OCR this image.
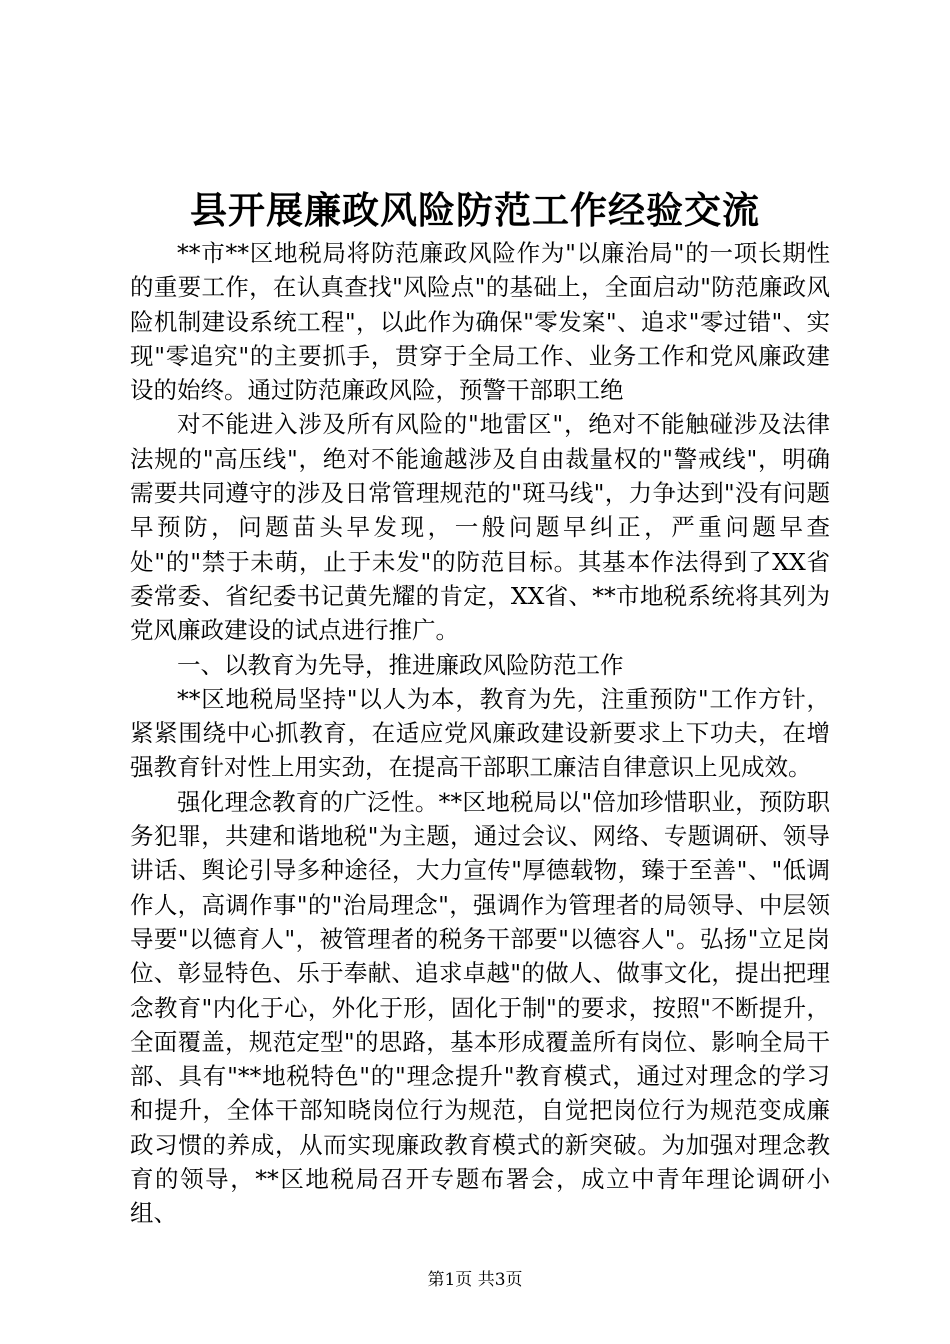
县开展廉政风险防范工作经验交流

**市**区地税局将防范廉政风险作为"以廉治局"的一项长期性的重要工作，在认真查找"风险点"的基础上，全面启动"防范廉政风险机制建设系统工程"，以此作为确保"零发案"、追求"零过错"、实现"零追究"的主要抓手，贯穿于全局工作、业务工作和党风廉政建设的始终。通过防范廉政风险，预警干部职工绝

对不能进入涉及所有风险的"地雷区"，绝对不能触碰涉及法律法规的"高压线"，绝对不能逾越涉及自由裁量权的"警戒线"，明确需要共同遵守的涉及日常管理规范的"斑马线"，力争达到"没有问题早预防，问题苗头早发现，一般问题早纠正，严重问题早查处"的"禁于未萌，止于未发"的防范目标。其基本作法得到了XX省委常委、省纪委书记黄先耀的肯定，XX省、**市地税系统将其列为党风廉政建设的试点进行推广。

一、以教育为先导，推进廉政风险防范工作

**区地税局坚持"以人为本，教育为先，注重预防"工作方针，紧紧围绕中心抓教育，在适应党风廉政建设新要求上下功夫，在增强教育针对性上用实劲，在提高干部职工廉洁自律意识上见成效。

强化理念教育的广泛性。**区地税局以"倍加珍惜职业，预防职务犯罪，共建和谐地税"为主题，通过会议、网络、专题调研、领导讲话、舆论引导多种途径，大力宣传"厚德载物，臻于至善"、"低调作人，高调作事"的"治局理念"，强调作为管理者的局领导、中层领导要"以德育人"，被管理者的税务干部要"以德容人"。弘扬"立足岗位、彰显特色、乐于奉献、追求卓越"的做人、做事文化，提出把理念教育"内化于心，外化于形，固化于制"的要求，按照"不断提升，全面覆盖，规范定型"的思路，基本形成覆盖所有岗位、影响全局干部、具有"**地税特色"的"理念提升"教育模式，通过对理念的学习和提升，全体干部知晓岗位行为规范，自觉把岗位行为规范变成廉政习惯的养成，从而实现廉政教育模式的新突破。为加强对理念教育的领导，**区地税局召开专题布署会，成立中青年理论调研小组、

第1页 共3页
